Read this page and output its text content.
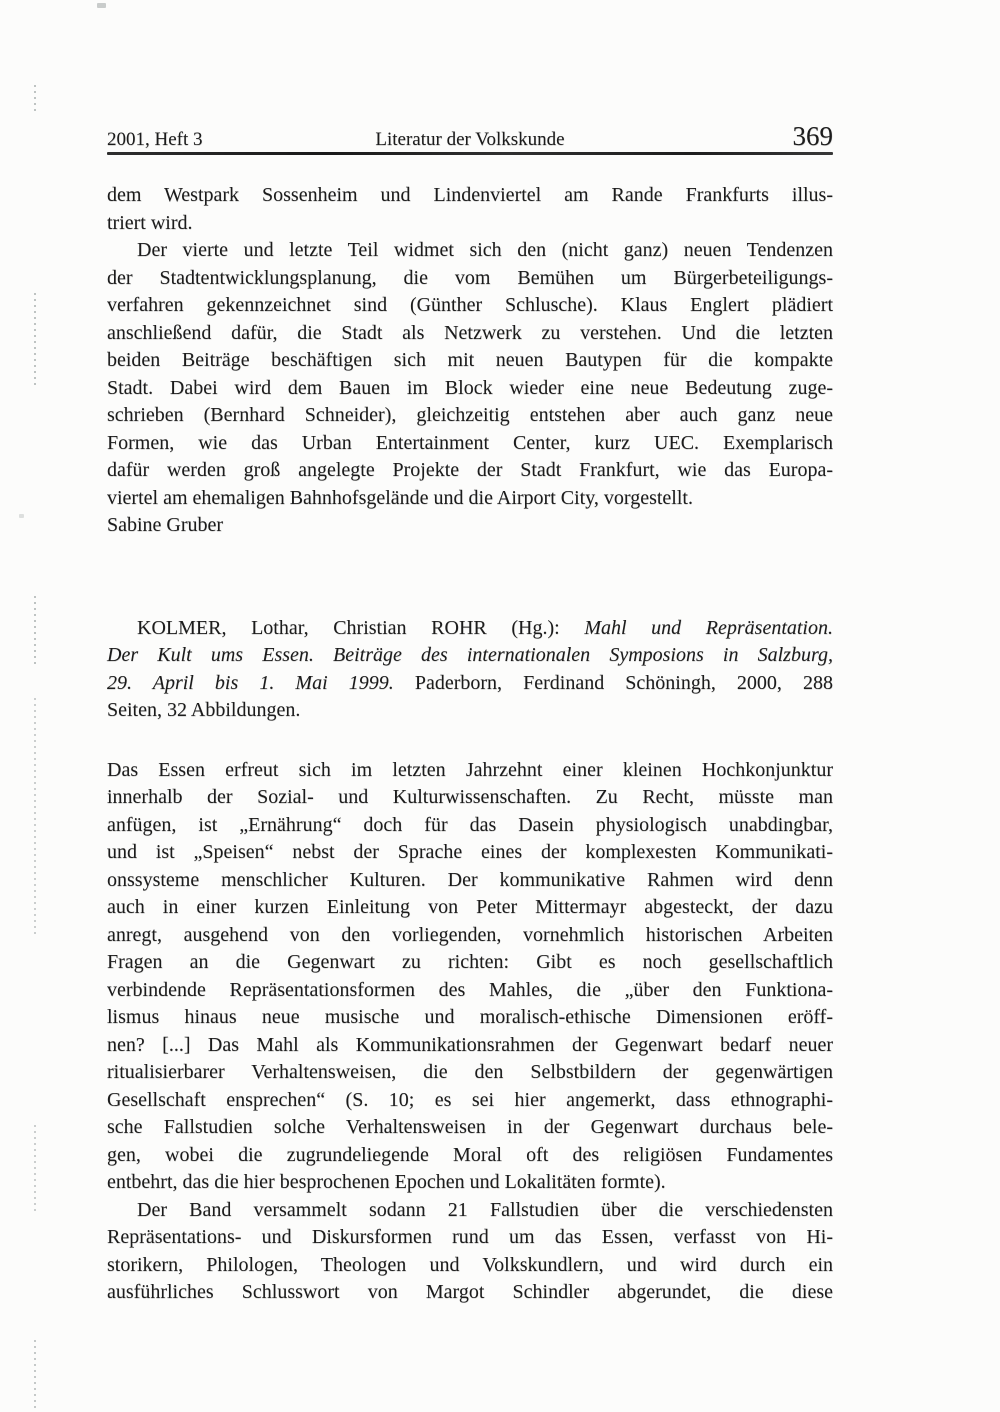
2001, Heft 3	Literatur der Volkskunde	369
dem Westpark Sossenheim und Lindenviertel am Rande Frankfurts illus-
triert wird.
Der vierte und letzte Teil widmet sich den (nicht ganz) neuen Tendenzen
der Stadtentwicklungsplanung, die vom Bemühen um Bürgerbeteiligungs-
verfahren gekennzeichnet sind (Günther Schlusche). Klaus Englert plädiert
anschließend dafür, die Stadt als Netzwerk zu verstehen. Und die letzten
beiden Beiträge beschäftigen sich mit neuen Bautypen für die kompakte
Stadt. Dabei wird dem Bauen im Block wieder eine neue Bedeutung zuge-
schrieben (Bernhard Schneider), gleichzeitig entstehen aber auch ganz neue
Formen, wie das Urban Entertainment Center, kurz UEC. Exemplarisch
dafür werden groß angelegte Projekte der Stadt Frankfurt, wie das Europa-
viertel am ehemaligen Bahnhofsgelände und die Airport City, vorgestellt.
Sabine Gruber
KOLMER, Lothar, Christian ROHR (Hg.): Mahl und Repräsentation.
Der Kult ums Essen. Beiträge des internationalen Symposions in Salzburg,
29. April bis 1. Mai 1999. Paderborn, Ferdinand Schöningh, 2000, 288
Seiten, 32 Abbildungen.
Das Essen erfreut sich im letzten Jahrzehnt einer kleinen Hochkonjunktur
innerhalb der Sozial- und Kulturwissenschaften. Zu Recht, müsste man
anfügen, ist „Ernährung“ doch für das Dasein physiologisch unabdingbar,
und ist „Speisen“ nebst der Sprache eines der komplexesten Kommunikati-
onssysteme menschlicher Kulturen. Der kommunikative Rahmen wird denn
auch in einer kurzen Einleitung von Peter Mittermayr abgesteckt, der dazu
anregt, ausgehend von den vorliegenden, vornehmlich historischen Arbeiten
Fragen an die Gegenwart zu richten: Gibt es noch gesellschaftlich
verbindende Repräsentationsformen des Mahles, die „über den Funktiona-
lismus hinaus neue musische und moralisch-ethische Dimensionen eröff-
nen? [...] Das Mahl als Kommunikationsrahmen der Gegenwart bedarf neuer
ritualisierbarer Verhaltensweisen, die den Selbstbildern der gegenwärtigen
Gesellschaft ensprechen“ (S. 10; es sei hier angemerkt, dass ethnographi-
sche Fallstudien solche Verhaltensweisen in der Gegenwart durchaus bele-
gen, wobei die zugrundeliegende Moral oft des religiösen Fundamentes
entbehrt, das die hier besprochenen Epochen und Lokalitäten formte).
Der Band versammelt sodann 21 Fallstudien über die verschiedensten
Repräsentations- und Diskursformen rund um das Essen, verfasst von Hi-
storikern, Philologen, Theologen und Volkskundlern, und wird durch ein
ausführliches Schlusswort von Margot Schindler abgerundet, die diese
